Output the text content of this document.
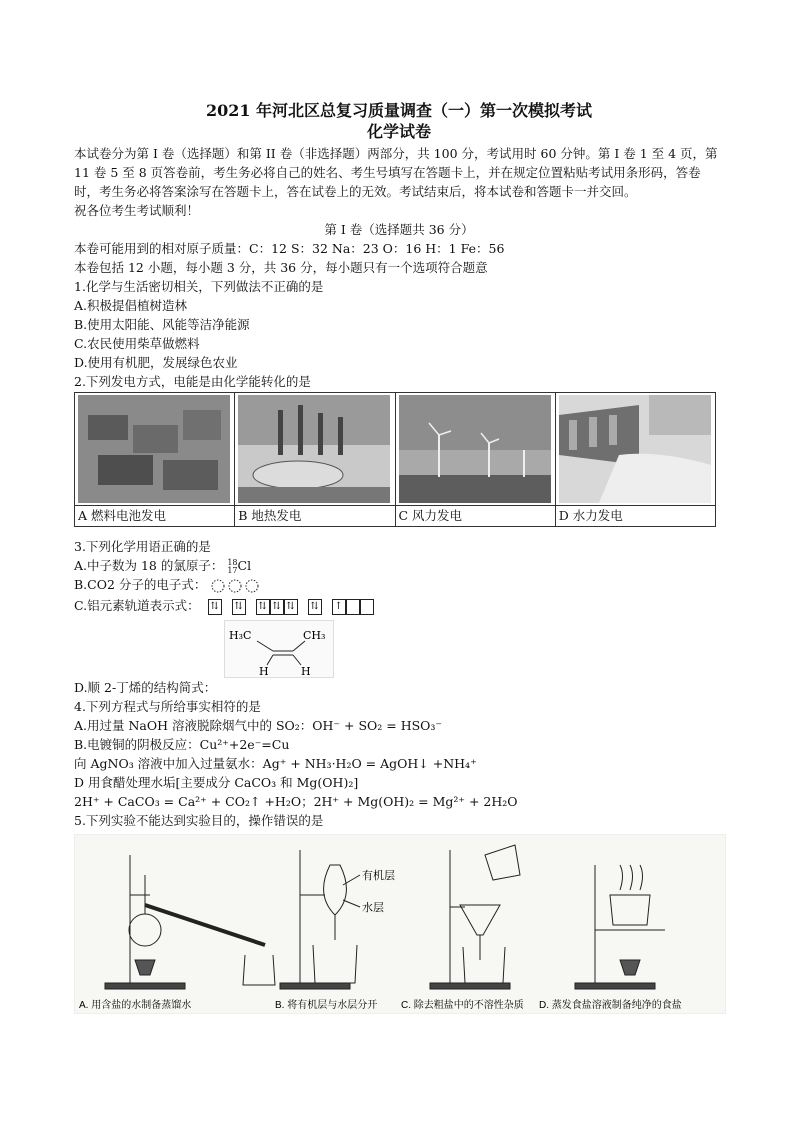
2021 年河北区总复习质量调查（一）第一次模拟考试
化学试卷

本试卷分为第 I 卷（选择题）和第 II 卷（非选择题）两部分，共 100 分，考试用时 60 分钟。第 I 卷 1 至 4 页，第 11 卷 5 至 8 页答卷前，考生务必将自己的姓名、考生号填写在答题卡上，并在规定位置粘贴考试用条形码，答卷时，考生务必将答案涂写在答题卡上，答在试卷上的无效。考试结束后，将本试卷和答题卡一并交回。

祝各位考生考试顺利！

第 I 卷（选择题共 36 分）

本卷可能用到的相对原子质量：C：12 S：32 Na：23 O：16 H：1 Fe：56

本卷包括 12 小题，每小题 3 分，共 36 分，每小题只有一个选项符合题意

1.化学与生活密切相关，下列做法不正确的是

A.积极提倡植树造林

B.使用太阳能、风能等洁净能源

C.农民使用柴草做燃料

D.使用有机肥，发展绿色农业

2.下列发电方式，电能是由化学能转化的是

A 燃料电池发电	B 地热发电	C 风力发电	D 水力发电

3.下列化学用语正确的是

A.中子数为 18 的氯原子： 18
17 Cl

B.CO2 分子的电子式：

C.铝元素轨道表示式： ⇅ ⇅ ⇅ ⇅ ⇅ ⇅ ↑

H₃C	CH₃
H	H

D.顺 2-丁烯的结构简式：

4.下列方程式与所给事实相符的是

A.用过量 NaOH 溶液脱除烟气中的 SO₂：OH⁻ + SO₂ = HSO₃⁻

B.电镀铜的阴极反应：Cu²⁺+2e⁻=Cu

向 AgNO₃ 溶液中加入过量氨水：Ag⁺ + NH₃·H₂O = AgOH↓ +NH₄⁺

D 用食醋处理水垢[主要成分 CaCO₃ 和 Mg(OH)₂]

2H⁺ + CaCO₃ = Ca²⁺ + CO₂↑ +H₂O；2H⁺ + Mg(OH)₂ = Mg²⁺ + 2H₂O

5.下列实验不能达到实验目的，操作错误的是

有机层
水层
A. 用含盐的水制备蒸馏水	B. 将有机层与水层分开 C. 除去粗盐中的不溶性杂质 D. 蒸发食盐溶液制备纯净的食盐
